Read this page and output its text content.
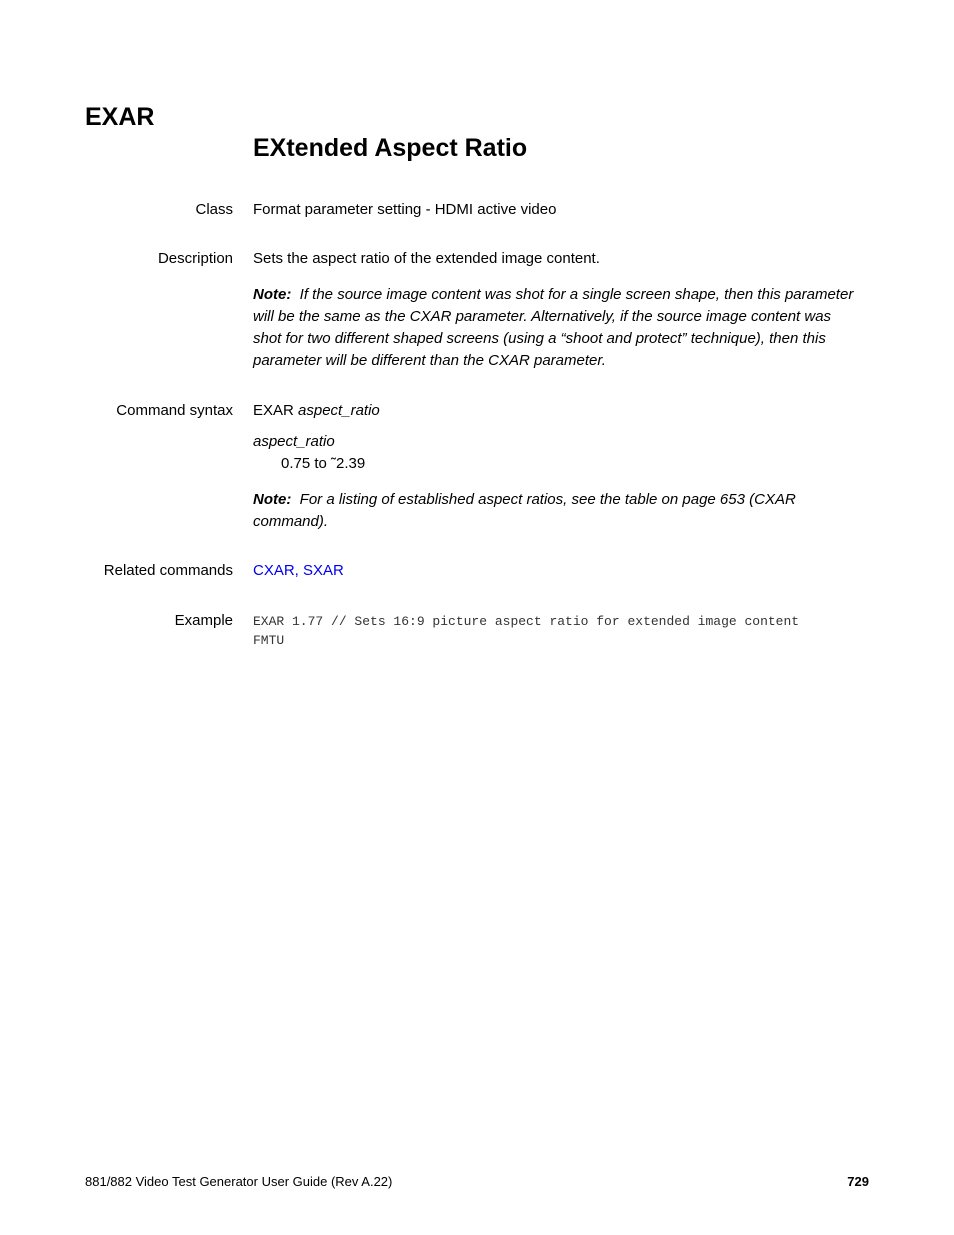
EXAR
EXtended Aspect Ratio
Class Format parameter setting - HDMI active video
Description Sets the aspect ratio of the extended image content.
Note: If the source image content was shot for a single screen shape, then this parameter
will be the same as the CXAR parameter. Alternatively, if the source image content was
shot for two different shaped screens (using a “shoot and protect” technique), then this
parameter will be different than the CXAR parameter.
Command syntax EXAR aspect_ratio
aspect_ratio
0.75 to ˜2.39
Note: For a listing of established aspect ratios, see the table on page 653 (CXAR
command).
Related commands CXAR, SXAR
Example EXAR 1.77 // Sets 16:9 picture aspect ratio for extended image content
FMTU
881/882 Video Test Generator User Guide (Rev A.22)	729
